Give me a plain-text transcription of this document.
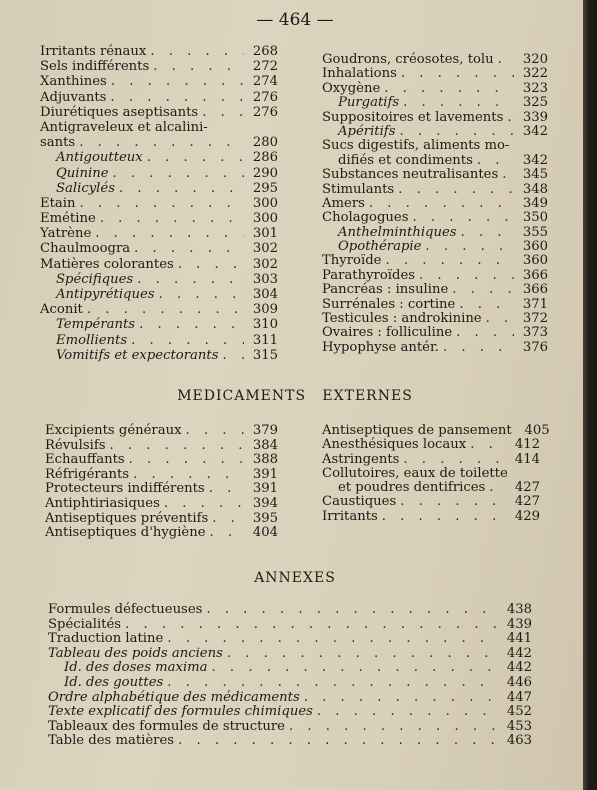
— 464 —
Irritants rénaux . . .	268
Sels indifférents . . .	272
Xanthines . . .	274
Adjuvants . . .	276
Diurétiques aseptisants . . .	276
Antigraveleux et alcalini-
sants . . .	280
Antigoutteux . . .	286
Quinine . . .	290
Salicylés . . .	295
Etain . . .	300
Emétine . . .	300
Yatrène . . .	301
Chaulmoogra . . .	302
Matières colorantes . . .	302
Spécifiques . . .	303
Antipyrétiques . . .	304
Aconit . . .	309
Tempérants . . .	310
Emollients . . .	311
Vomitifs et expectorants . . .	315
Goudrons, créosotes, tolu . . .	320
Inhalations . . .	322
Oxygène . . .	323
Purgatifs . . .	325
Suppositoires et lavements . . .	339
Apéritifs . . .	342
Sucs digestifs, aliments mo-
difiés et condiments . . .	342
Substances neutralisantes . . .	345
Stimulants . . .	348
Amers . . .	349
Cholagogues . . .	350
Anthelminthiques . . .	355
Opothérapie . . .	360
Thyroïde . . .	360
Parathyroïdes . . .	366
Pancréas : insuline . . .	366
Surrénales : cortine . . .	371
Testicules : androkinine . . .	372
Ovaires : folliculine . . .	373
Hypophyse antér. . . .	376
MEDICAMENTS   EXTERNES
Excipients généraux . . .	379
Révulsifs . . .	384
Echauffants . . .	388
Réfrigérants . . .	391
Protecteurs indifférents . . .	391
Antiphtiriasiques . . .	394
Antiseptiques préventifs . . .	395
Antiseptiques d'hygiène . . .	404
Antiseptiques de pansement 405
Anesthésiques locaux . . .	412
Astringents . . .	414
Collutoires, eaux de toilette
et poudres dentifrices . . .	427
Caustiques . . .	427
Irritants . . .	429
ANNEXES
Formules défectueuses . . .	438
Spécialités . . .	439
Traduction latine . . .	441
Tableau des poids anciens . . .	442
Id. des doses maxima . . .	442
Id. des gouttes . . .	446
Ordre alphabétique des médicaments . . .	447
Texte explicatif des formules chimiques . . .	452
Tableaux des formules de structure . . .	453
Table des matières . . .	463
